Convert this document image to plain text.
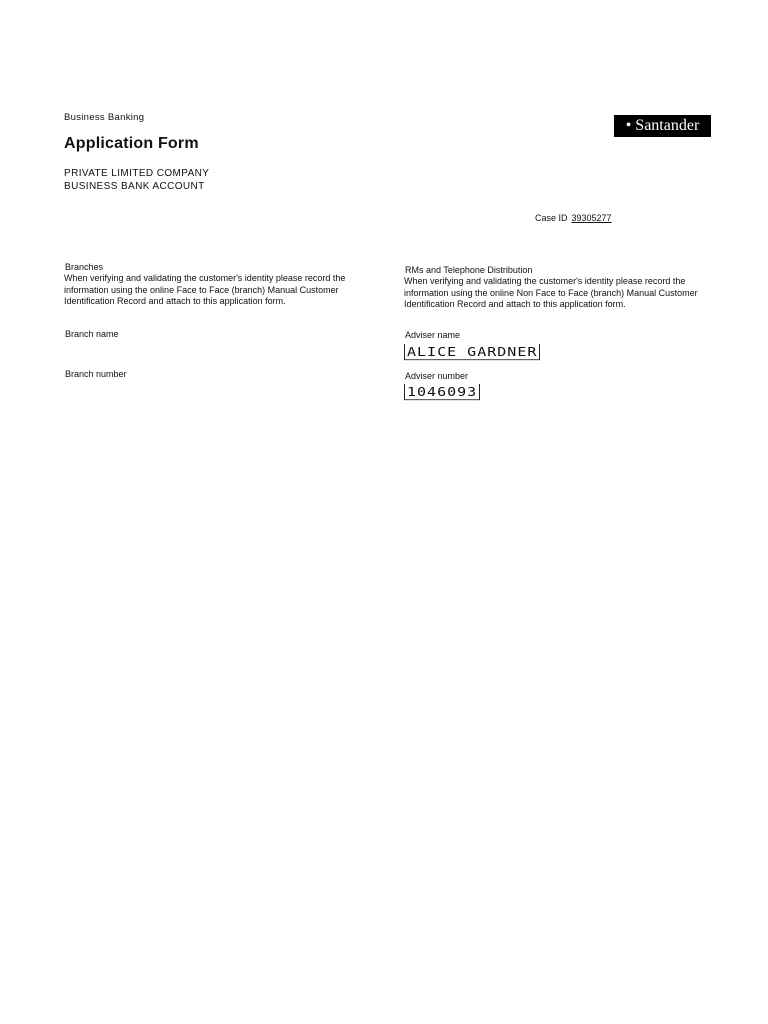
Business Banking
Application Form
PRIVATE LIMITED COMPANY
BUSINESS BANK ACCOUNT
• Santander
Case ID 39305277
Branches
When verifying and validating the customer's identity please record the
information using the online Face to Face (branch) Manual Customer
Identification Record and attach to this application form.
Branch name
Branch number
RMs and Telephone Distribution
When verifying and validating the customer's identity please record the
information using the online Non Face to Face (branch) Manual Customer
Identification Record and attach to this application form.
Adviser name
ALICE GARDNER
Adviser number
1046093
